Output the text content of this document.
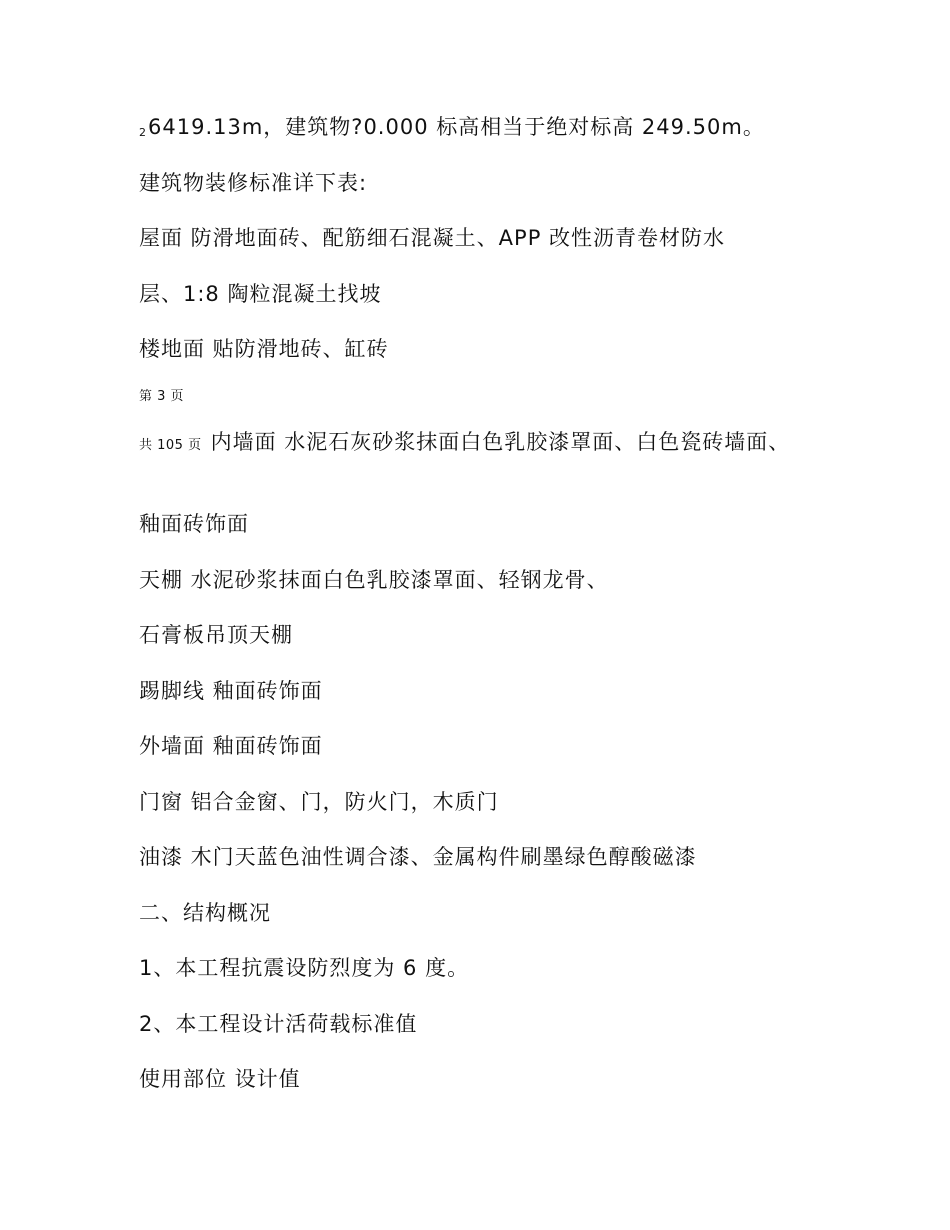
26419.13m，建筑物?0.000 标高相当于绝对标高 249.50m。
建筑物装修标准详下表:
屋面 防滑地面砖、配筋细石混凝土、APP 改性沥青卷材防水
层、1:8 陶粒混凝土找坡
楼地面 贴防滑地砖、缸砖
第 3 页
共 105 页 内墙面 水泥石灰砂浆抹面白色乳胶漆罩面、白色瓷砖墙面、
釉面砖饰面
天棚 水泥砂浆抹面白色乳胶漆罩面、轻钢龙骨、
石膏板吊顶天棚
踢脚线 釉面砖饰面
外墙面 釉面砖饰面
门窗 铝合金窗、门，防火门，木质门
油漆 木门天蓝色油性调合漆、金属构件刷墨绿色醇酸磁漆
二、结构概况
1、本工程抗震设防烈度为 6 度。
2、本工程设计活荷载标准值
使用部位 设计值
